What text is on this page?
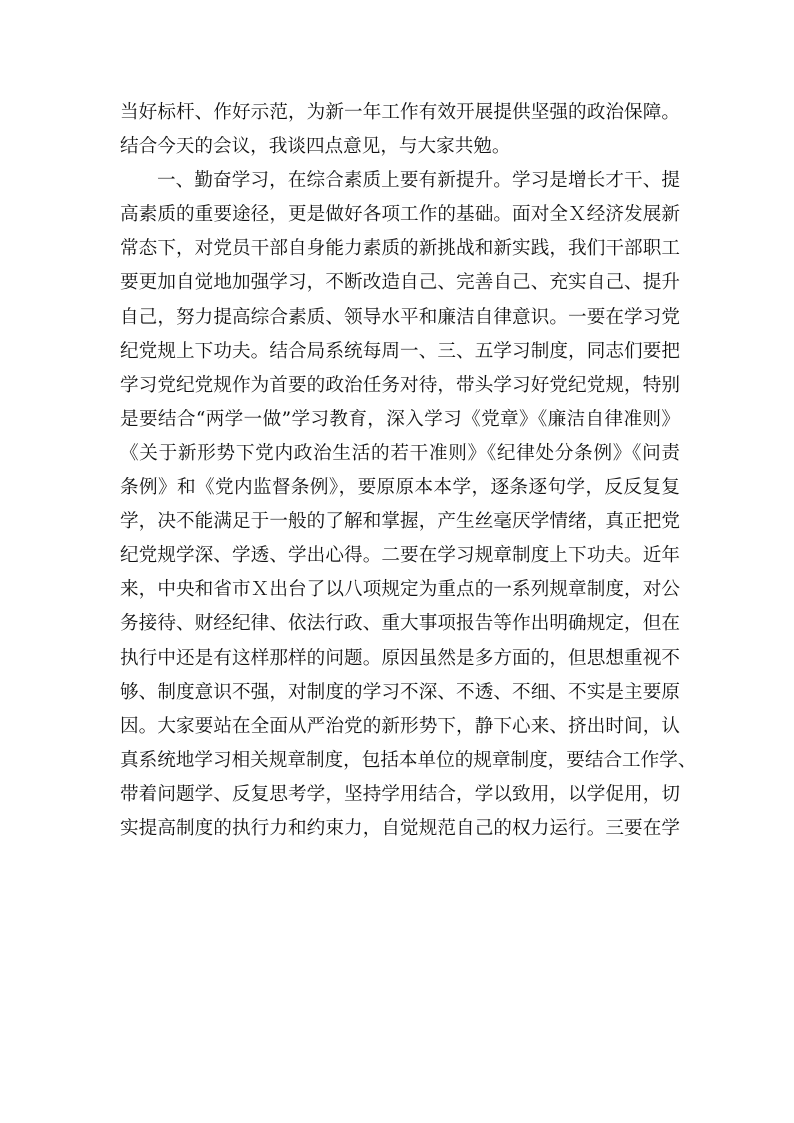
当好标杆、作好示范，为新一年工作有效开展提供坚强的政治保障。
结合今天的会议，我谈四点意见，与大家共勉。
一、勤奋学习，在综合素质上要有新提升。学习是增长才干、提
高素质的重要途径，更是做好各项工作的基础。面对全Ｘ经济发展新
常态下，对党员干部自身能力素质的新挑战和新实践，我们干部职工
要更加自觉地加强学习，不断改造自己、完善自己、充实自己、提升
自己，努力提高综合素质、领导水平和廉洁自律意识。一要在学习党
纪党规上下功夫。结合局系统每周一、三、五学习制度，同志们要把
学习党纪党规作为首要的政治任务对待，带头学习好党纪党规，特别
是要结合“两学一做”学习教育，深入学习《党章》《廉洁自律准则》
《关于新形势下党内政治生活的若干准则》《纪律处分条例》《问责
条例》和《党内监督条例》，要原原本本学，逐条逐句学，反反复复
学，决不能满足于一般的了解和掌握，产生丝毫厌学情绪，真正把党
纪党规学深、学透、学出心得。二要在学习规章制度上下功夫。近年
来，中央和省市Ｘ出台了以八项规定为重点的一系列规章制度，对公
务接待、财经纪律、依法行政、重大事项报告等作出明确规定，但在
执行中还是有这样那样的问题。原因虽然是多方面的，但思想重视不
够、制度意识不强，对制度的学习不深、不透、不细、不实是主要原
因。大家要站在全面从严治党的新形势下，静下心来、挤出时间，认
真系统地学习相关规章制度，包括本单位的规章制度，要结合工作学、
带着问题学、反复思考学，坚持学用结合，学以致用，以学促用，切
实提高制度的执行力和约束力，自觉规范自己的权力运行。三要在学
